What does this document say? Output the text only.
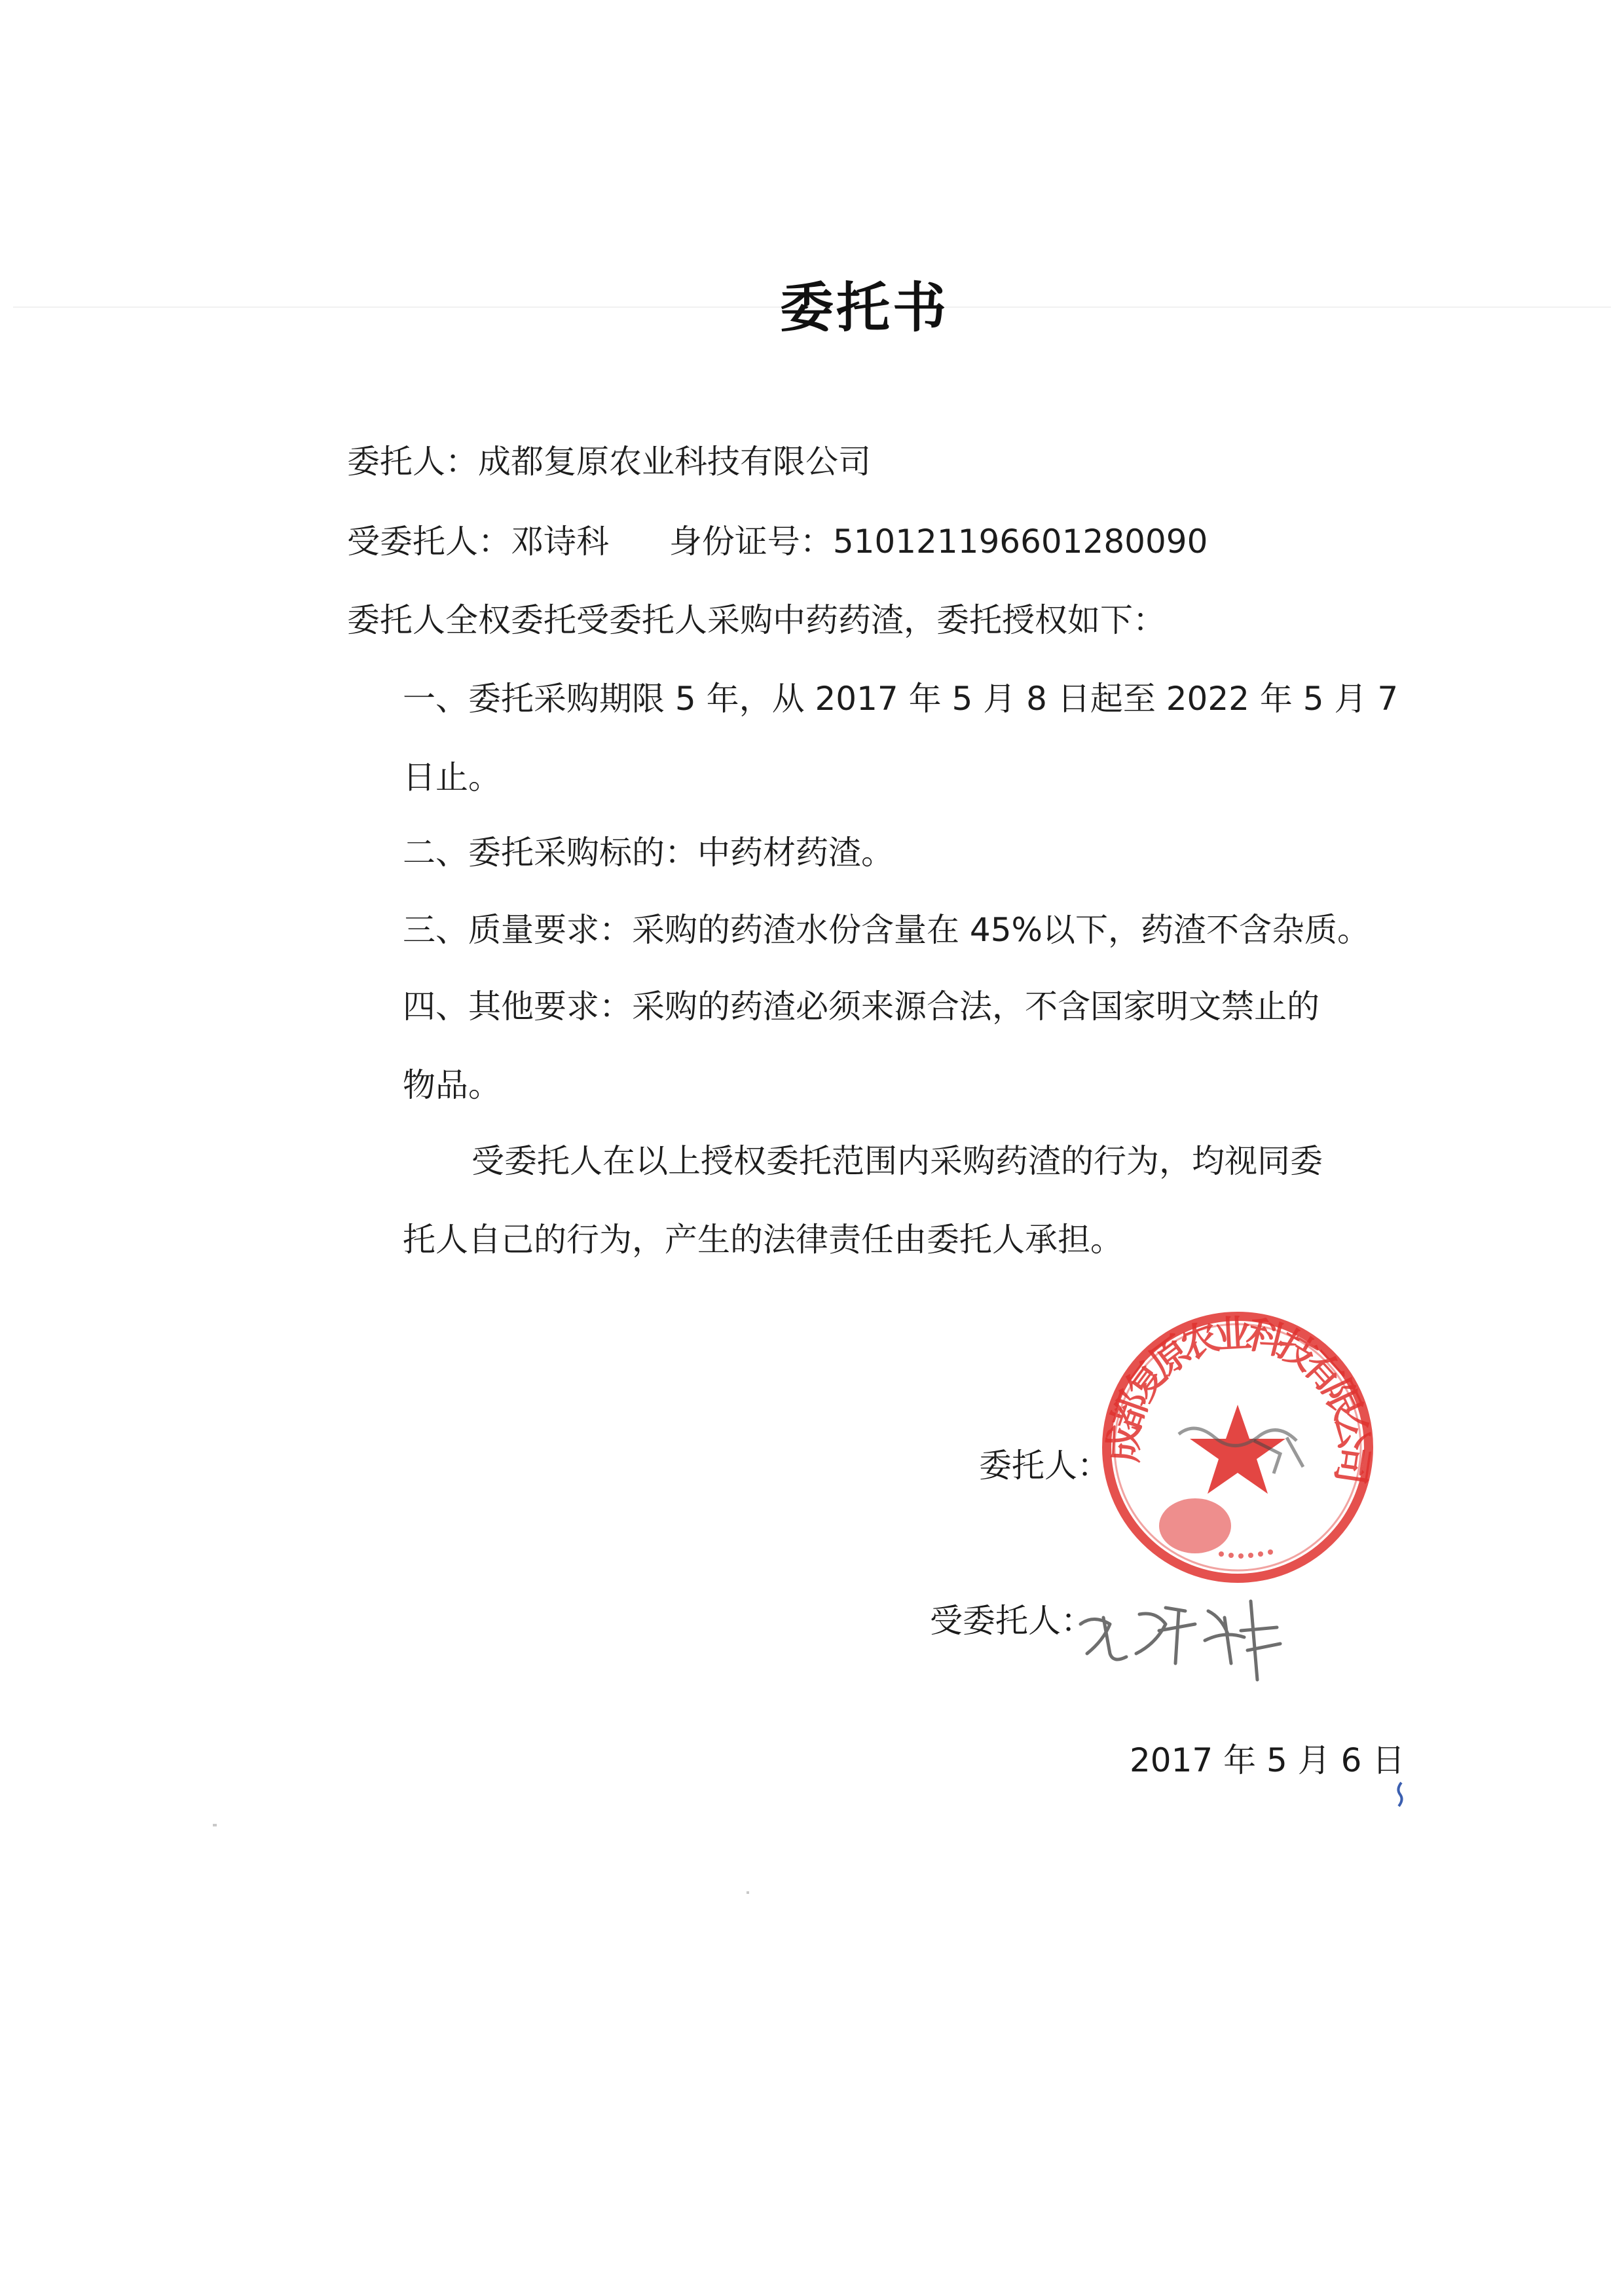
委托书
委托人：成都复原农业科技有限公司
受委托人：邓诗科 身份证号：510121196601280090
委托人全权委托受委托人采购中药药渣，委托授权如下：
一、委托采购期限 5 年，从 2017 年 5 月 8 日起至 2022 年 5 月 7
日止。
二、委托采购标的：中药材药渣。
三、质量要求：采购的药渣水份含量在 45%以下，药渣不含杂质。
四、其他要求：采购的药渣必须来源合法，不含国家明文禁止的
物品。
受委托人在以上授权委托范围内采购药渣的行为，均视同委
托人自己的行为，产生的法律责任由委托人承担。
委托人：
受委托人：
成都复原农业科技有限公司
2017 年 5 月 6 日
